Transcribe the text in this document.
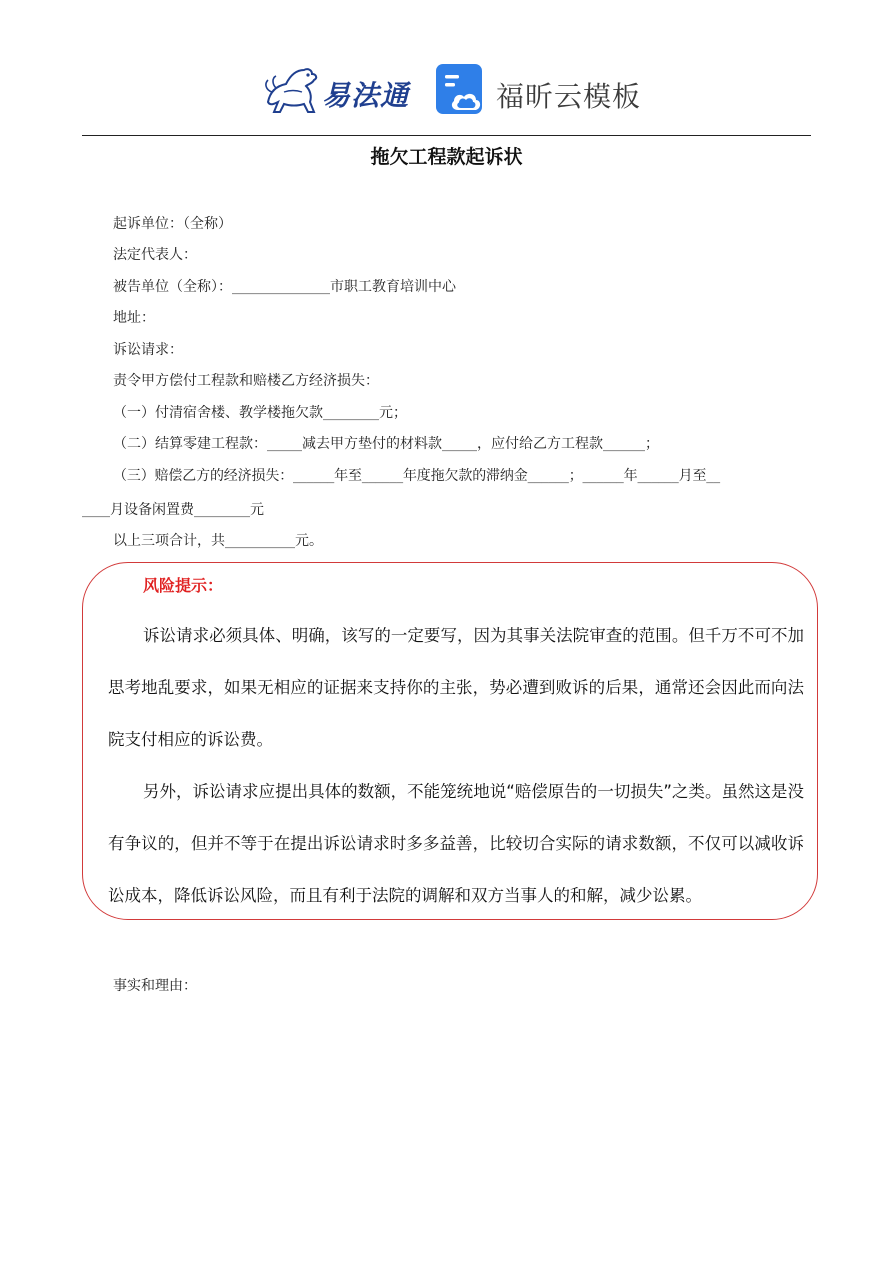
易法通	福昕云模板
拖欠工程款起诉状
起诉单位：（全称）
法定代表人：
被告单位（全称）：______________市职工教育培训中心
地址：
诉讼请求：
责令甲方偿付工程款和赔楼乙方经济损失：
（一）付清宿舍楼、教学楼拖欠款________元；
（二）结算零建工程款：_____减去甲方垫付的材料款_____，应付给乙方工程款______；
（三）赔偿乙方的经济损失：______年至______年度拖欠款的滞纳金______；______年______月至__
____月设备闲置费________元
以上三项合计，共__________元。
风险提示：
诉讼请求必须具体、明确，该写的一定要写，因为其事关法院审查的范围。但千万不可不加思考地乱要求，如果无相应的证据来支持你的主张，势必遭到败诉的后果，通常还会因此而向法院支付相应的诉讼费。
另外，诉讼请求应提出具体的数额，不能笼统地说“赔偿原告的一切损失”之类。虽然这是没有争议的，但并不等于在提出诉讼请求时多多益善，比较切合实际的请求数额，不仅可以减收诉讼成本，降低诉讼风险，而且有利于法院的调解和双方当事人的和解，减少讼累。
事实和理由：
